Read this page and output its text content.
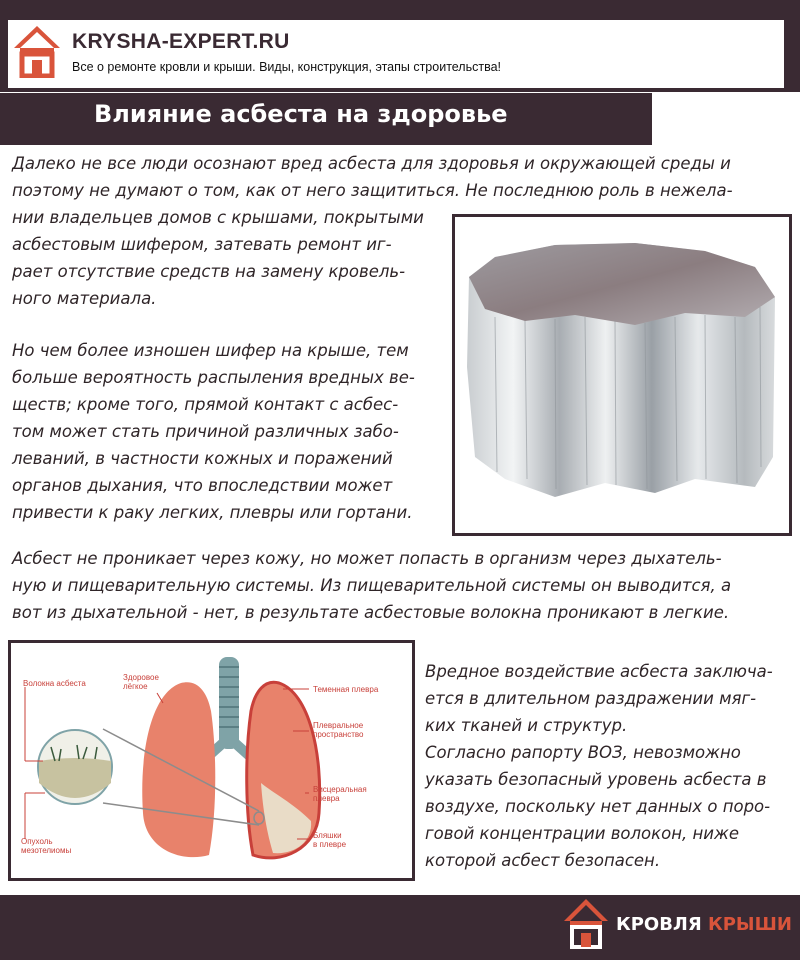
KRYSHA-EXPERT.RU
Все о ремонте кровли и крыши. Виды, конструкция, этапы строительства!
Влияние асбеста на здоровье
Далеко не все люди осознают вред асбеста для здоровья и окружающей среды и
поэтому не думают о том, как от него защититься. Не последнюю роль в нежела-
нии владельцев домов с крышами, покрытыми
асбестовым шифером, затевать ремонт иг-
рает отсутствие средств на замену кровель-
ного материала.
Но чем более изношен шифер на крыше, тем
больше вероятность распыления вредных ве-
ществ; кроме того, прямой контакт с асбес-
том может стать причиной различных забо-
леваний, в частности кожных и поражений
органов дыхания, что впоследствии может
привести к раку легких, плевры или гортани.
Асбест не проникает через кожу, но может попасть в организм через дыхатель-
ную и пищеварительную системы. Из пищеварительной системы он выводится, а
вот из дыхательной - нет, в результате асбестовые волокна проникают в легкие.
Волокна асбеста
Здоровое
лёгкое	Теменная плевра
Плевральное
пространство
Висцеральная
плевра
Опухоль
мезотелиомы
Бляшки
в плевре
Вредное воздействие асбеста заключа-
ется в длительном раздражении мяг-
ких тканей и структур.
Согласно рапорту ВОЗ, невозможно
указать безопасный уровень асбеста в
воздухе, поскольку нет данных о поро-
говой концентрации волокон, ниже
которой асбест безопасен.
КРОВЛЯ КРЫШИ
